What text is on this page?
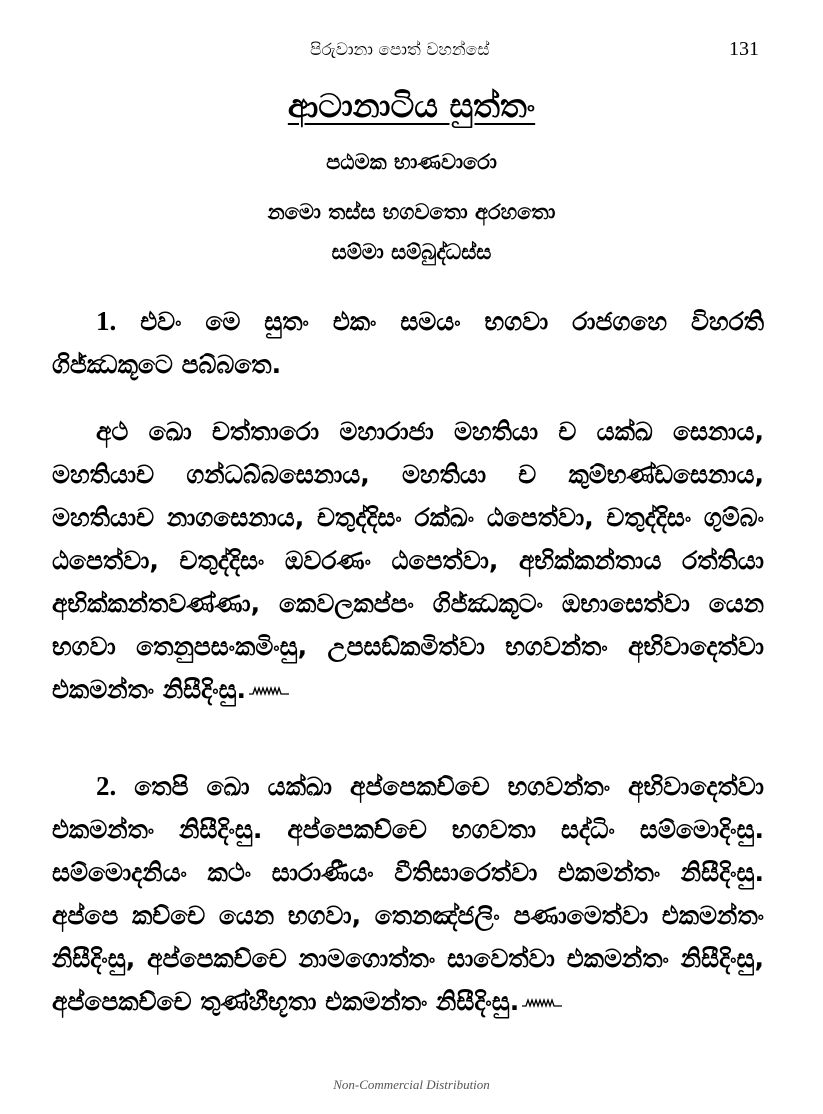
පිරුවානා පොත් වහන්සේ	131
ආටානාටිය සුත්තං
පඨමක භාණවාරො
නමො තස්ස භගවතො අරහතො
සම්මා සම්බුද්ධස්ස

1. එවං මෙ සුතං එකං සමයං භගවා රාජගහෙ විහරති ගිජ්ඣකූටෙ පබ්බතෙ.

අථ ඛො චත්තාරො මහාරාජා මහතියා ච යක්ඛ සෙනාය, මහතියාච ගන්ධබ්බසෙනාය, මහතියා ච කුම්භණ්ඩසෙනාය, මහතියාච නාගසෙනාය, චතුද්දිසං රක්ඛං ඨපෙත්වා, චතුද්දිසං ගුම්බං ඨපෙත්වා, චතුද්දිසං ඔවරණං ඨපෙත්වා, අභික්කන්තාය රත්තියා අභික්කන්තවණ්ණා, කෙවලකප්පං ගිජ්ඣකූටං ඔභාසෙත්වා යෙන භගවා තෙනුපසංකමිංසු, උපසඞ්කමිත්වා භගවන්තං අභිවාදෙත්වා එකමන්තං නිසීදිංසු.

2. තෙපි ඛො යක්ඛා අප්පෙකච්චෙ භගවන්තං අභිවාදෙත්වා එකමන්තං නිසීදිංසු. අප්පෙකච්චෙ භගවතා සද්ධිං සම්මොදිංසු. සම්මොදනියං කථං සාරාණීයං වීතිසාරෙත්වා එකමන්තං නිසීදිංසු. අප්පෙ කච්චෙ යෙන භගවා, තෙනඤ්ජලිං පණාමෙත්වා එකමන්තං නිසීදිංසු, අප්පෙකච්චෙ නාමගොත්තං සාවෙත්වා එකමන්තං නිසීදිංසු, අප්පෙකච්චෙ තුණ්හීභූතා එකමන්තං නිසීදිංසු.

Non-Commercial Distribution
